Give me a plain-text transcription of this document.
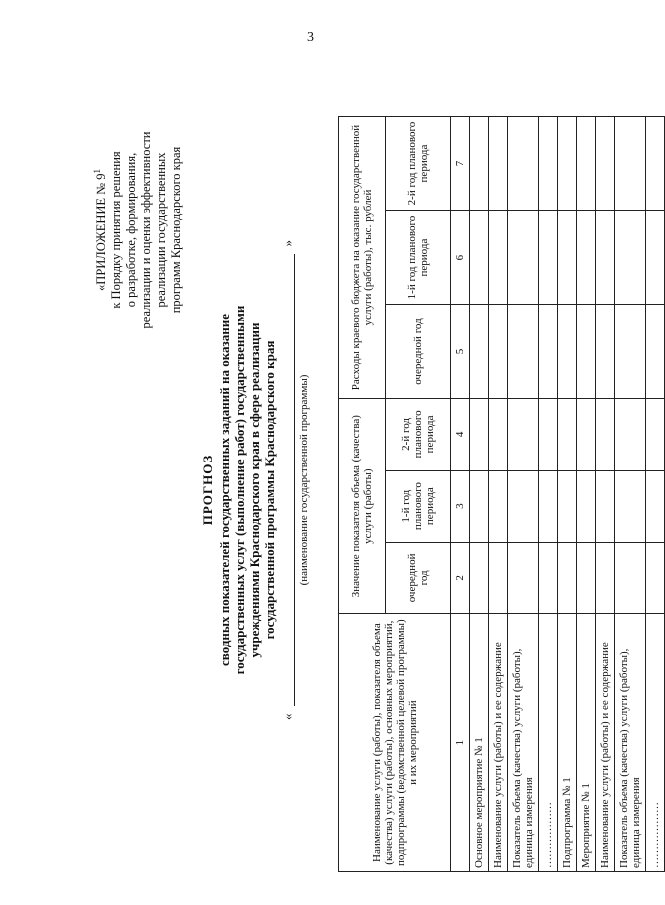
3
«ПРИЛОЖЕНИЕ № $9^1$ к Порядку принятия решения о разработке, формирования, реализации и оценки эффективности реализации государственных программ Краснодарского края
ПРОГНОЗ сводных показателей государственных заданий на оказание государственных услуг (выполнение работ) государственными учреждениями Краснодарского края в сфере реализации государственной программы Краснодарского края
«
»
(наименование государственной программы)
Наименование услуги (работы), показателя объема (качества) услуги (работы), основных мероприятий, подпрограммы (ведомственной целевой программы) и их мероприятий	Значение показателя объема (качества) услуги (работы)			Расходы краевого бюджета на оказание государственной услуги (работы), тыс. рублей		
	очередной год	1-й год планового периода	2-й год планового периода	очередной год	1-й год планового периода	2-й год планового периода
1	2	3	4	5	6	7
Основное мероприятие № 1						
Наименование услуги (работы) и ее содержание						
Показатель объема (качества) услуги (работы), единица измерения						
………………						
Подпрограмма № 1						
Мероприятие № 1						
Наименование услуги (работы) и ее содержание						
Показатель объема (качества) услуги (работы), единица измерения						
………………						
